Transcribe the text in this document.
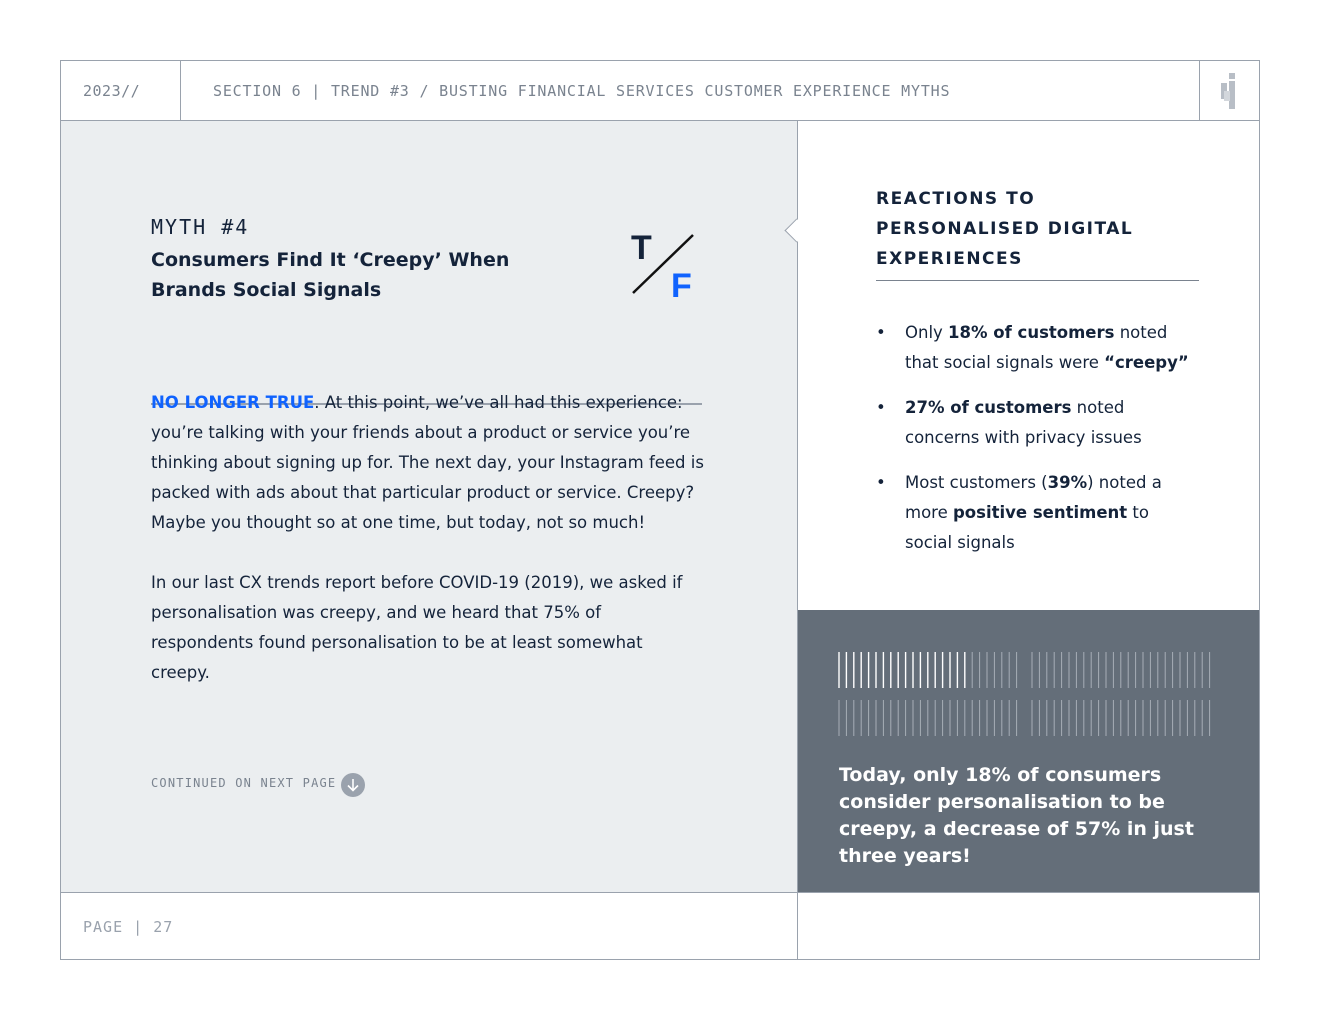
2023//	SECTION 6 | TREND #3 / BUSTING FINANCIAL SERVICES CUSTOMER EXPERIENCE MYTHS
MYTH #4
Consumers Find It ‘Creepy’ When Brands Social Signals
T
F
NO LONGER TRUE. At this point, we’ve all had this experience: you’re talking with your friends about a product or service you’re thinking about signing up for. The next day, your Instagram feed is packed with ads about that particular product or service. Creepy? Maybe you thought so at one time, but today, not so much!
In our last CX trends report before COVID-19 (2019), we asked if personalisation was creepy, and we heard that 75% of respondents found personalisation to be at least somewhat creepy.
CONTINUED ON NEXT PAGE
REACTIONS TO PERSONALISED DIGITAL EXPERIENCES
• Only 18% of customers noted that social signals were “creepy”
• 27% of customers noted concerns with privacy issues
• Most customers (39%) noted a more positive sentiment to social signals
Today, only 18% of consumers consider personalisation to be creepy, a decrease of 57% in just three years!
PAGE | 27
